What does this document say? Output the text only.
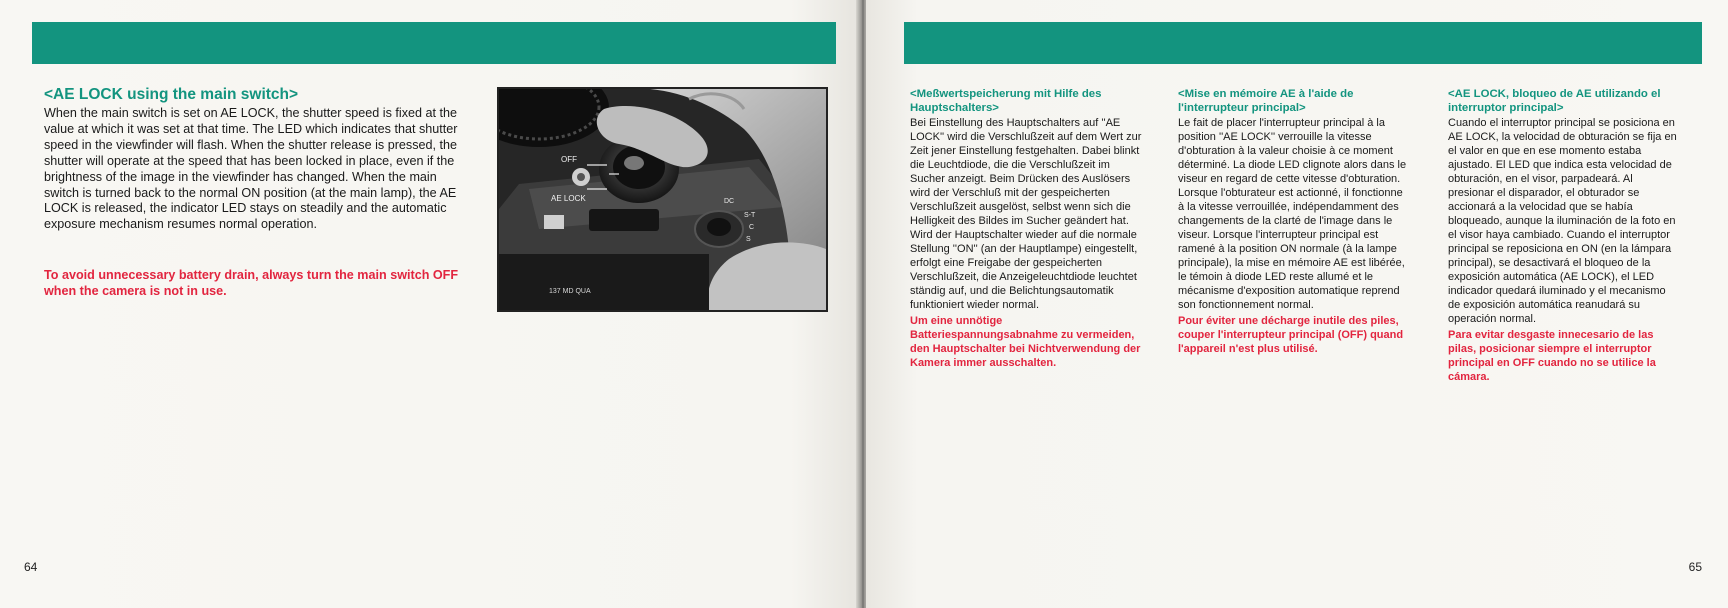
<AE LOCK using the main switch>

When the main switch is set on AE LOCK, the shutter speed is fixed at the value at which it was set at that time. The LED which indicates that shutter speed in the viewfinder will flash. When the shutter release is pressed, the shutter will operate at the speed that has been locked in place, even if the brightness of the image in the viewfinder has changed. When the main switch is turned back to the normal ON position (at the main lamp), the AE LOCK is released, the indicator LED stays on steadily and the automatic exposure mechanism resumes normal operation.

To avoid unnecessary battery drain, always turn the main switch OFF when the camera is not in use.

OFF
AE LOCK	DC
S-T
C
S
137 MD QUA
64
<Meßwertspeicherung mit Hilfe des Hauptschalters>

Bei Einstellung des Hauptschalters auf ''AE LOCK'' wird die Verschlußzeit auf dem Wert zur Zeit jener Einstellung festgehalten. Dabei blinkt die Leuchtdiode, die die Verschlußzeit im Sucher anzeigt. Beim Drücken des Auslösers wird der Verschluß mit der gespeicherten Verschlußzeit ausgelöst, selbst wenn sich die Helligkeit des Bildes im Sucher geändert hat. Wird der Hauptschalter wieder auf die normale Stellung ''ON'' (an der Hauptlampe) eingestellt, erfolgt eine Freigabe der gespeicherten Verschlußzeit, die Anzeigeleuchtdiode leuchtet ständig auf, und die Belichtungsautomatik funktioniert wieder normal.

Um eine unnötige Batteriespannungsabnahme zu vermeiden, den Hauptschalter bei Nichtverwendung der Kamera immer ausschalten.

<Mise en mémoire AE à l'aide de l'interrupteur principal>

Le fait de placer l'interrupteur principal à la position ''AE LOCK'' verrouille la vitesse d'obturation à la valeur choisie à ce moment déterminé. La diode LED clignote alors dans le viseur en regard de cette vitesse d'obturation. Lorsque l'obturateur est actionné, il fonctionne à la vitesse verrouillée, indépendamment des changements de la clarté de l'image dans le viseur. Lorsque l'interrupteur principal est ramené à la position ON normale (à la lampe principale), la mise en mémoire AE est libérée, le témoin à diode LED reste allumé et le mécanisme d'exposition automatique reprend son fonctionnement normal.

Pour éviter une décharge inutile des piles, couper l'interrupteur principal (OFF) quand l'appareil n'est plus utilisé.

<AE LOCK, bloqueo de AE utilizando el interruptor principal>

Cuando el interruptor principal se posiciona en AE LOCK, la velocidad de obturación se fija en el valor en que en ese momento estaba ajustado. El LED que indica esta velocidad de obturación, en el visor, parpadeará. Al presionar el disparador, el obturador se accionará a la velocidad que se había bloqueado, aunque la iluminación de la foto en el visor haya cambiado. Cuando el interruptor principal se reposiciona en ON (en la lámpara principal), se desactivará el bloqueo de la exposición automática (AE LOCK), el LED indicador quedará iluminado y el mecanismo de exposición automática reanudará su operación normal.

Para evitar desgaste innecesario de las pilas, posicionar siempre el interruptor principal en OFF cuando no se utilice la cámara.

65
